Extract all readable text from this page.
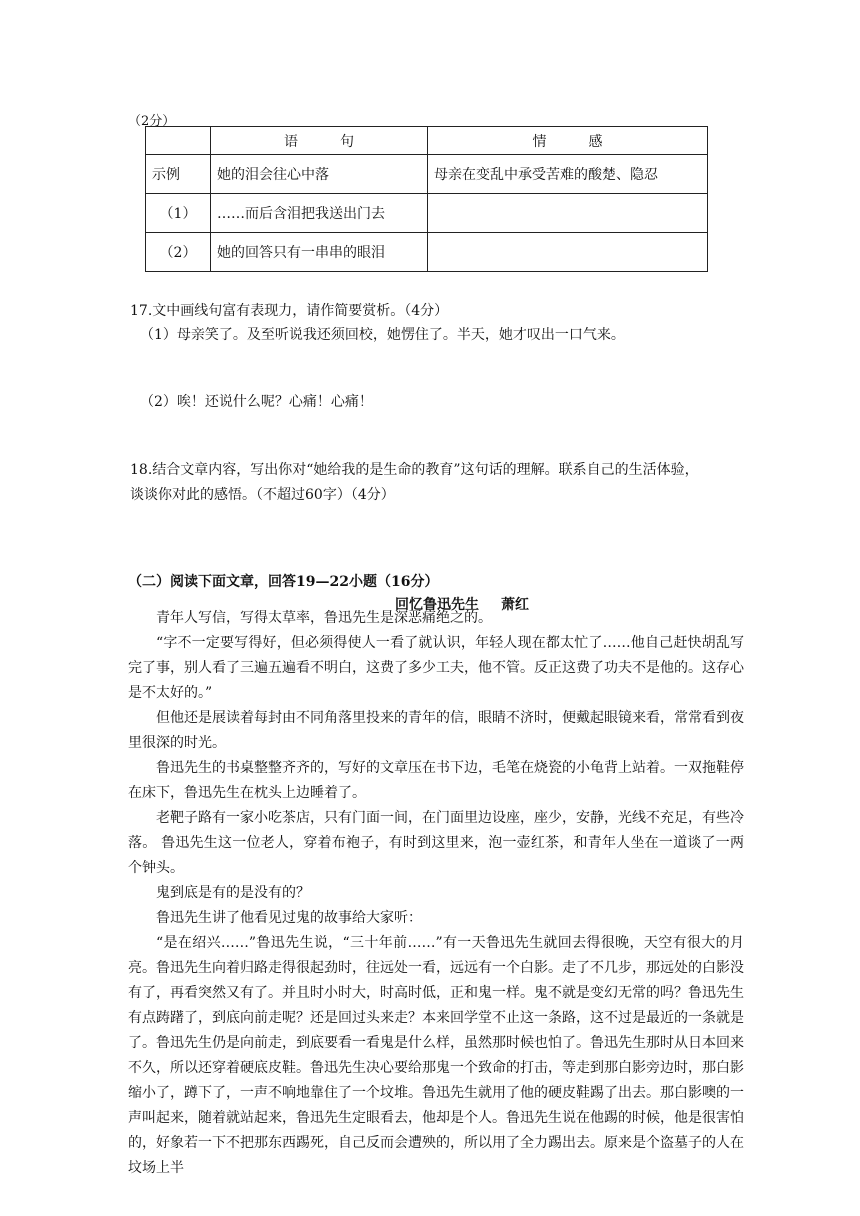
（2分）
	语　　　句	情　　　感
示例	她的泪会往心中落	母亲在变乱中承受苦难的酸楚、隐忍
（1）	……而后含泪把我送出门去	
（2）	她的回答只有一串串的眼泪	
17.文中画线句富有表现力，请作简要赏析。（4分）
（1）母亲笑了。及至听说我还须回校，她愣住了。半天，她才叹出一口气来。
（2）唉！还说什么呢？心痛！心痛！
18.结合文章内容，写出你对“她给我的是生命的教育”这句话的理解。联系自己的生活体验，
谈谈你对此的感悟。（不超过60字）（4分）
（二）阅读下面文章，回答19—22小题（16分）
回忆鲁迅先生 萧红

青年人写信，写得太草率，鲁迅先生是深恶痛绝之的。

“字不一定要写得好，但必须得使人一看了就认识，年轻人现在都太忙了……他自己赶快胡乱写完了事，别人看了三遍五遍看不明白，这费了多少工夫，他不管。反正这费了功夫不是他的。这存心是不太好的。”

但他还是展读着每封由不同角落里投来的青年的信，眼睛不济时，便戴起眼镜来看，常常看到夜里很深的时光。

鲁迅先生的书桌整整齐齐的，写好的文章压在书下边，毛笔在烧瓷的小龟背上站着。一双拖鞋停在床下，鲁迅先生在枕头上边睡着了。

老靶子路有一家小吃茶店，只有门面一间，在门面里边设座，座少，安静，光线不充足，有些冷落。 鲁迅先生这一位老人，穿着布袍子，有时到这里来，泡一壶红茶，和青年人坐在一道谈了一两个钟头。

鬼到底是有的是没有的？

鲁迅先生讲了他看见过鬼的故事给大家听：

“是在绍兴……”鲁迅先生说，“三十年前……”有一天鲁迅先生就回去得很晚，天空有很大的月亮。鲁迅先生向着归路走得很起劲时，往远处一看，远远有一个白影。走了不几步，那远处的白影没有了，再看突然又有了。并且时小时大，时高时低，正和鬼一样。鬼不就是变幻无常的吗？鲁迅先生有点踌躇了，到底向前走呢？还是回过头来走？本来回学堂不止这一条路，这不过是最近的一条就是了。鲁迅先生仍是向前走，到底要看一看鬼是什么样，虽然那时候也怕了。鲁迅先生那时从日本回来不久，所以还穿着硬底皮鞋。鲁迅先生决心要给那鬼一个致命的打击，等走到那白影旁边时，那白影缩小了，蹲下了，一声不响地靠住了一个坟堆。鲁迅先生就用了他的硬皮鞋踢了出去。那白影噢的一声叫起来，随着就站起来，鲁迅先生定眼看去，他却是个人。鲁迅先生说在他踢的时候，他是很害怕的，好象若一下不把那东西踢死，自己反而会遭殃的，所以用了全力踢出去。原来是个盗墓子的人在坟场上半
